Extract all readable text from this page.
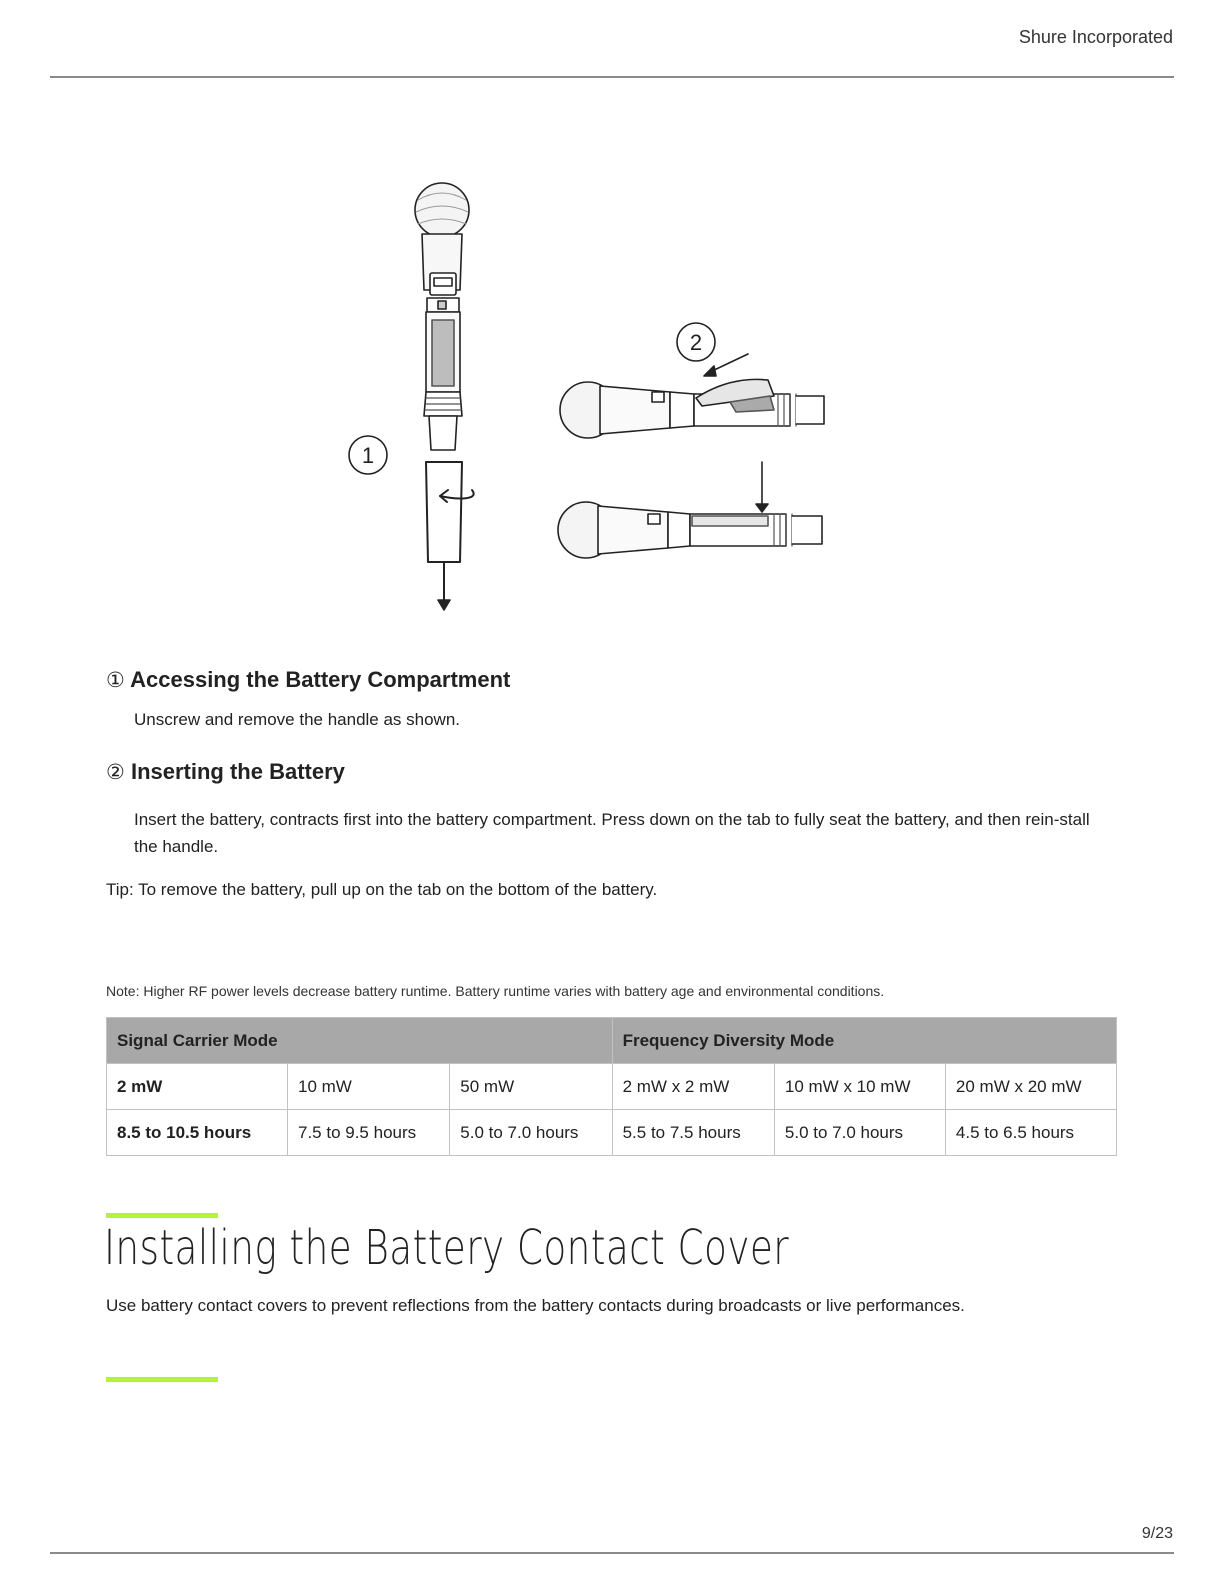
Shure Incorporated
1
2
① Accessing the Battery Compartment
Unscrew and remove the handle as shown.
② Inserting the Battery
Insert the battery, contracts first into the battery compartment. Press down on the tab to fully seat the battery, and then rein-stall the handle.
Tip: To remove the battery, pull up on the tab on the bottom of the battery.
Note: Higher RF power levels decrease battery runtime. Battery runtime varies with battery age and environmental conditions.
Signal Carrier Mode			Frequency Diversity Mode		
2 mW	10 mW	50 mW	2 mW x 2 mW	10 mW x 10 mW	20 mW x 20 mW
8.5 to 10.5 hours	7.5 to 9.5 hours	5.0 to 7.0 hours	5.5 to 7.5 hours	5.0 to 7.0 hours	4.5 to 6.5 hours
Installing the Battery Contact Cover
Use battery contact covers to prevent reflections from the battery contacts during broadcasts or live performances.
9/23
